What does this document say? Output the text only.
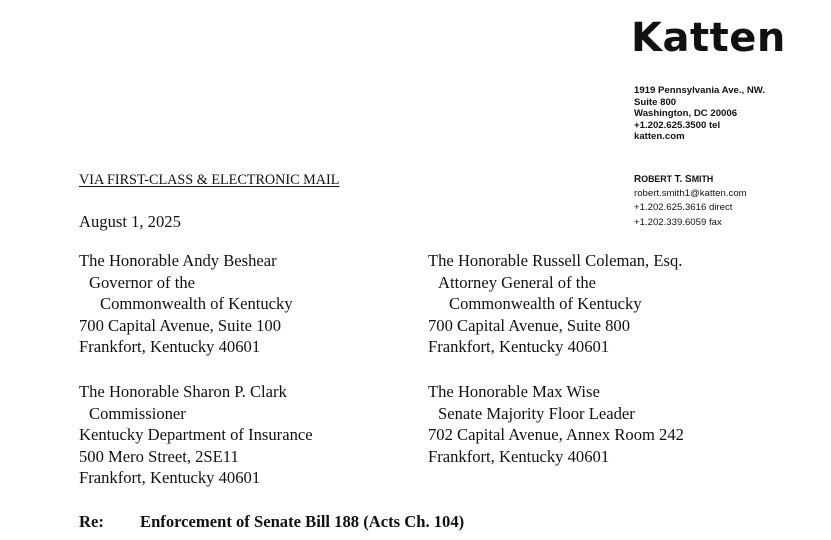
Katten
1919 Pennsylvania Ave., NW.
Suite 800
Washington, DC 20006
+1.202.625.3500 tel
katten.com
ROBERT T. SMITH
robert.smith1@katten.com
+1.202.625.3616 direct
+1.202.339.6059 fax
VIA FIRST-CLASS & ELECTRONIC MAIL
August 1, 2025
The Honorable Andy Beshear
Governor of the
Commonwealth of Kentucky
700 Capital Avenue, Suite 100
Frankfort, Kentucky 40601
The Honorable Russell Coleman, Esq.
Attorney General of the
Commonwealth of Kentucky
700 Capital Avenue, Suite 800
Frankfort, Kentucky 40601
The Honorable Sharon P. Clark
Commissioner
Kentucky Department of Insurance
500 Mero Street, 2SE11
Frankfort, Kentucky 40601
The Honorable Max Wise
Senate Majority Floor Leader
702 Capital Avenue, Annex Room 242
Frankfort, Kentucky 40601
Re: Enforcement of Senate Bill 188 (Acts Ch. 104)
